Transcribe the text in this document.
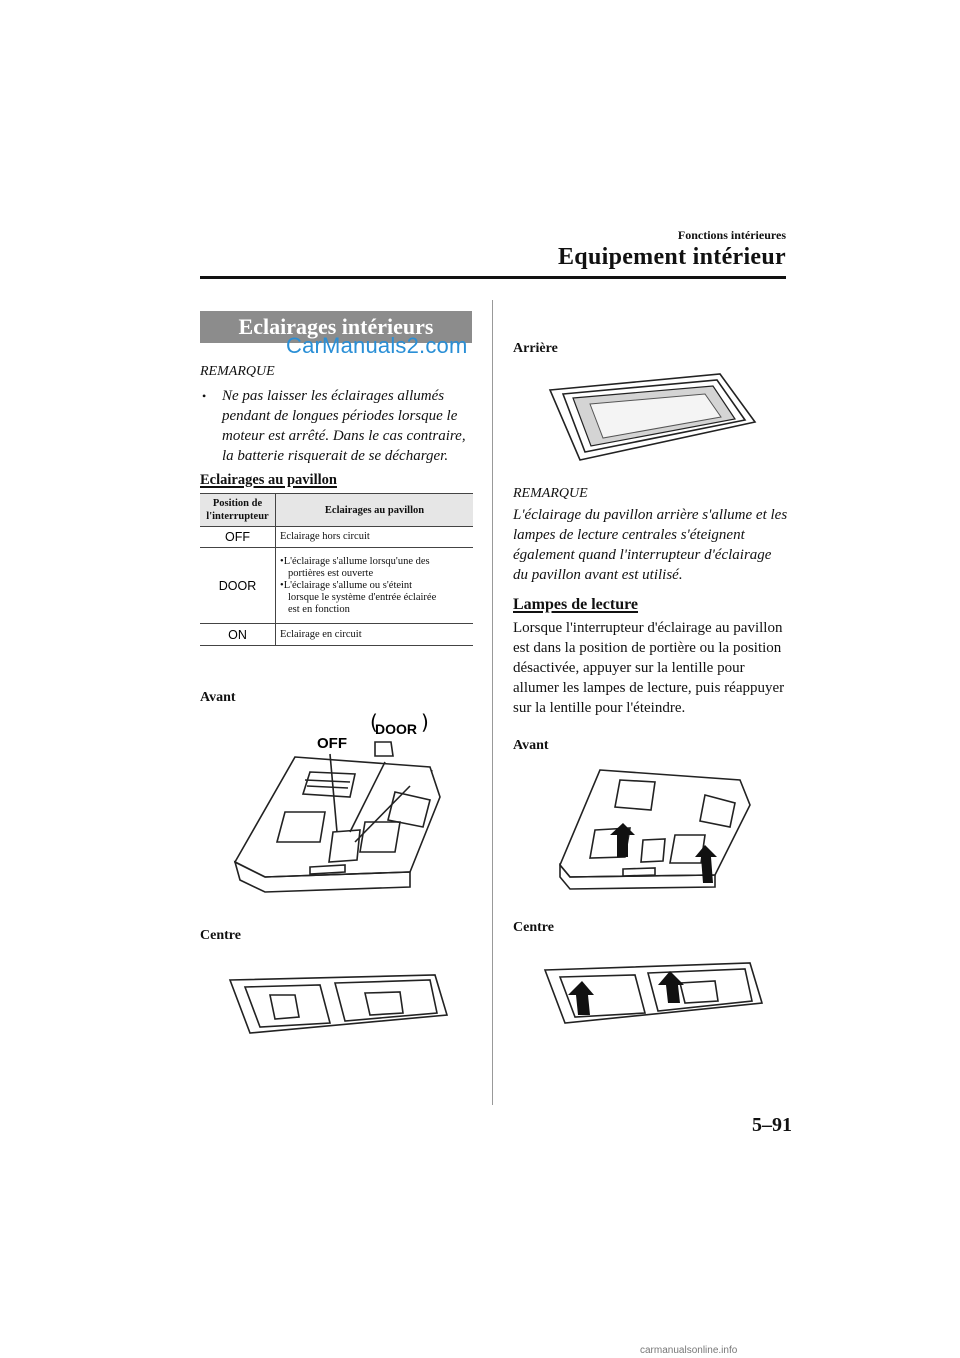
Fonctions intérieures
Equipement intérieur
Eclairages intérieurs
CarManuals2.com
REMARQUE
• Ne pas laisser les éclairages allumés pendant de longues périodes lorsque le moteur est arrêté. Dans le cas contraire, la batterie risquerait de se décharger.
Eclairages au pavillon
Position de
l'interrupteur	Eclairages au pavillon
OFF	Eclairage hors circuit
DOOR	•L'éclairage s'allume lorsqu'une des
portières est ouverte
•L'éclairage s'allume ou s'éteint
lorsque le système d'entrée éclairée
est en fonction

ON	Eclairage en circuit
Avant
OFF
DOOR
( )
Centre
Arrière
REMARQUE
L'éclairage du pavillon arrière s'allume et les lampes de lecture centrales s'éteignent également quand l'interrupteur d'éclairage du pavillon avant est utilisé.
Lampes de lecture
Lorsque l'interrupteur d'éclairage au pavillon est dans la position de portière ou la position désactivée, appuyer sur la lentille pour allumer les lampes de lecture, puis réappuyer sur la lentille pour l'éteindre.
Avant
Centre
5–91
carmanualsonline.info
